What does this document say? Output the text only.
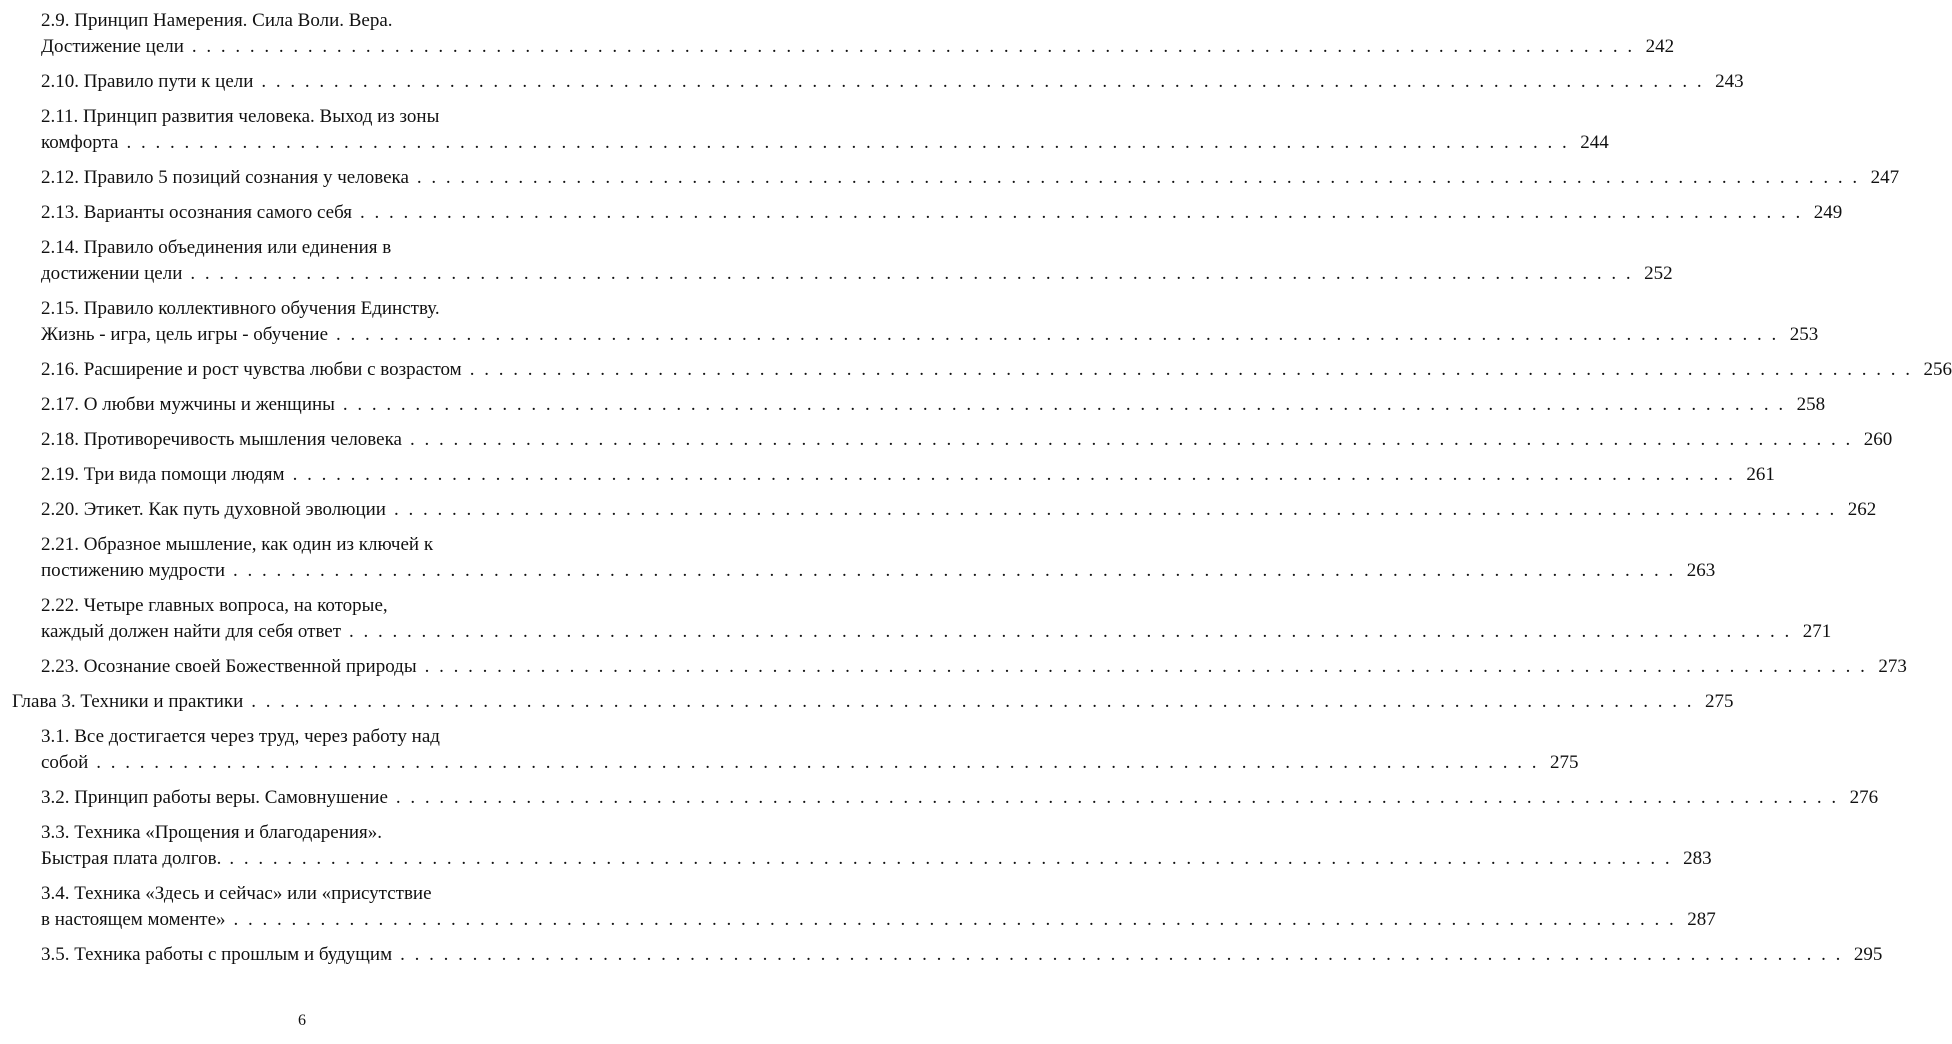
2.9. Принцип Намерения. Сила Воли. Вера.
Достижение цели . . .	242
2.10. Правило пути к цели . . .	243
2.11. Принцип развития человека. Выход из зоны
комфорта . . .	244
2.12. Правило 5 позиций сознания у человека . . .	247
2.13. Варианты осознания самого себя . . .	249
2.14. Правило объединения или единения в
достижении цели . . .	252
2.15. Правило коллективного обучения Единству.
Жизнь - игра, цель игры - обучение . . .	253
2.16. Расширение и рост чувства любви с возрастом . . .	256
2.17. О любви мужчины и женщины . . .	258
2.18. Противоречивость мышления человека . . .	260
2.19. Три вида помощи людям . . .	261
2.20. Этикет. Как путь духовной эволюции . . .	262
2.21. Образное мышление, как один из ключей к
постижению мудрости . . .	263
2.22. Четыре главных вопроса, на которые,
каждый должен найти для себя ответ . . .	271
2.23. Осознание своей Божественной природы . . .	273
Глава 3. Техники и практики . . .	275
3.1. Все достигается через труд, через работу над
собой . . .	275
3.2. Принцип работы веры. Самовнушение . . .	276
3.3. Техника «Прощения и благодарения».
Быстрая плата долгов. . . .	283
3.4. Техника «Здесь и сейчас» или «присутствие
в настоящем моменте» . . .	287
3.5. Техника работы с прошлым и будущим . . .	295
6
